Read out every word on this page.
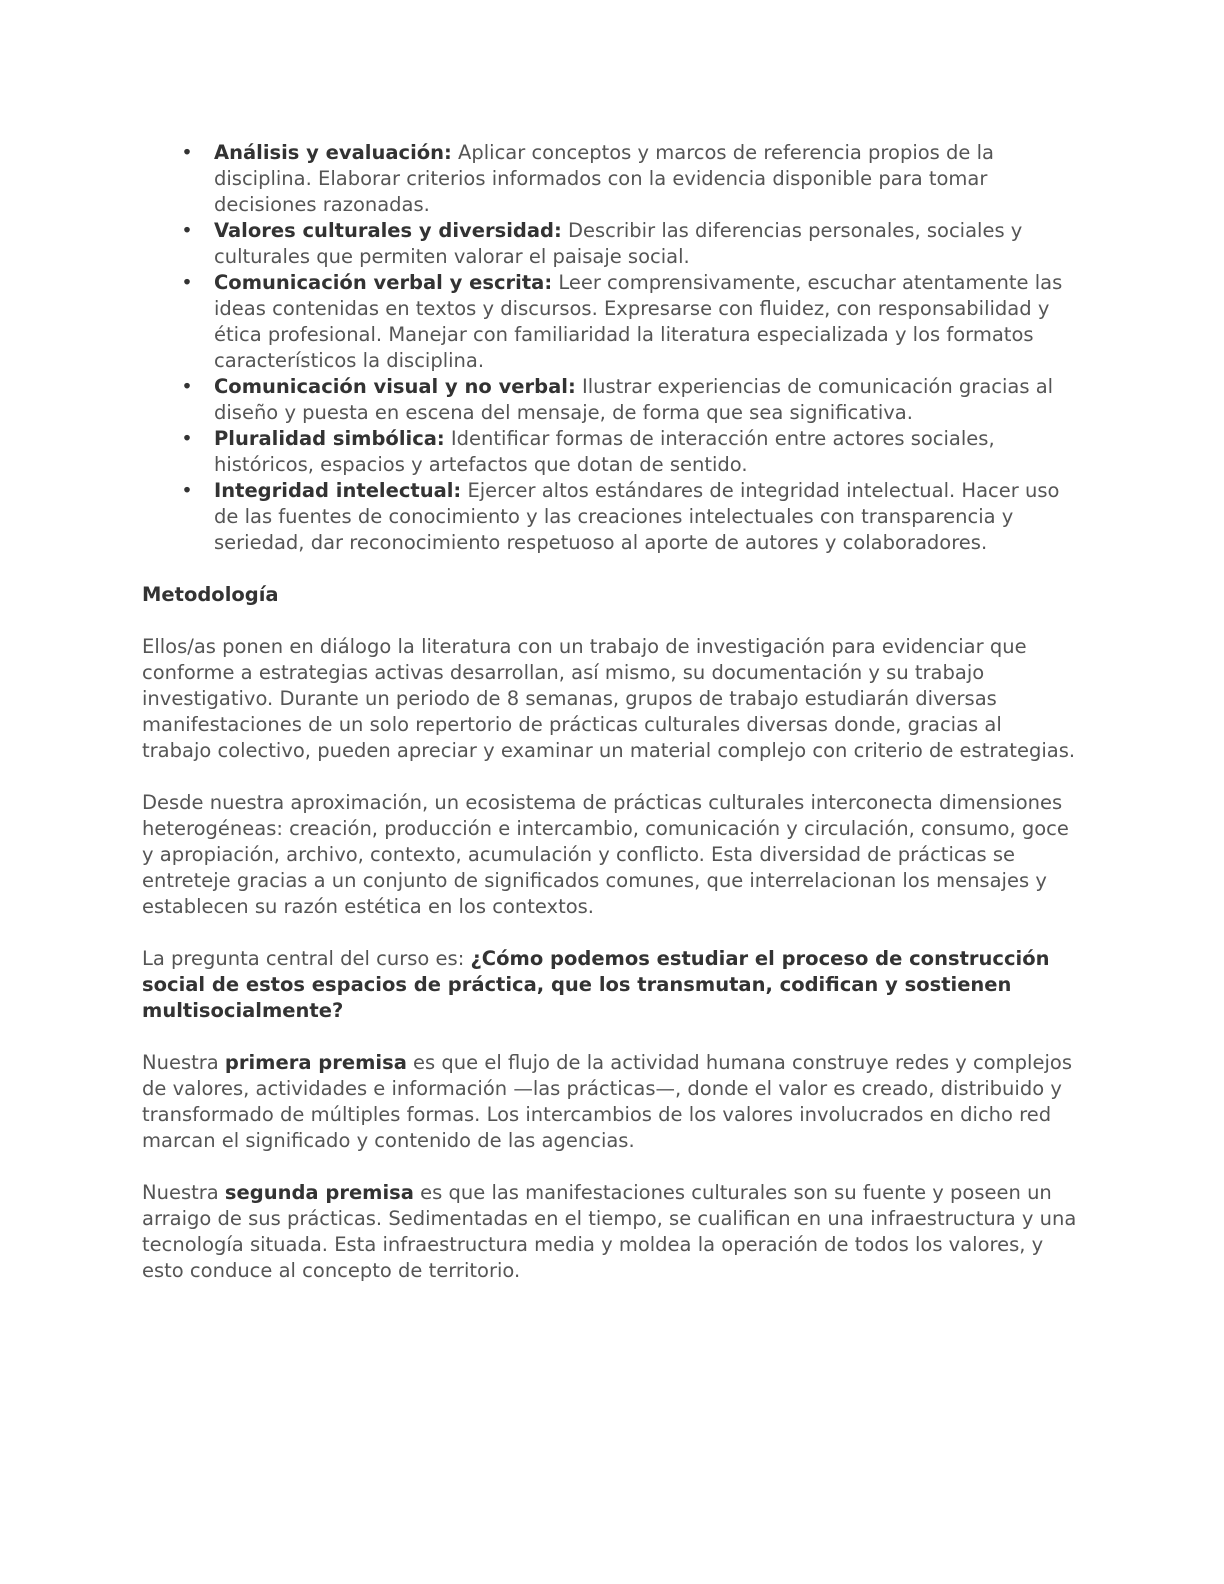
• Análisis y evaluación: Aplicar conceptos y marcos de referencia propios de la disciplina. Elaborar criterios informados con la evidencia disponible para tomar decisiones razonadas.
• Valores culturales y diversidad: Describir las diferencias personales, sociales y culturales que permiten valorar el paisaje social.
• Comunicación verbal y escrita: Leer comprensivamente, escuchar atentamente las ideas contenidas en textos y discursos. Expresarse con fluidez, con responsabilidad y ética profesional. Manejar con familiaridad la literatura especializada y los formatos característicos la disciplina.
• Comunicación visual y no verbal: Ilustrar experiencias de comunicación gracias al diseño y puesta en escena del mensaje, de forma que sea significativa.
• Pluralidad simbólica: Identificar formas de interacción entre actores sociales, históricos, espacios y artefactos que dotan de sentido.
• Integridad intelectual: Ejercer altos estándares de integridad intelectual. Hacer uso de las fuentes de conocimiento y las creaciones intelectuales con transparencia y seriedad, dar reconocimiento respetuoso al aporte de autores y colaboradores.
Metodología

Ellos/as ponen en diálogo la literatura con un trabajo de investigación para evidenciar que conforme a estrategias activas desarrollan, así mismo, su documentación y su trabajo investigativo. Durante un periodo de 8 semanas, grupos de trabajo estudiarán diversas manifestaciones de un solo repertorio de prácticas culturales diversas donde, gracias al trabajo colectivo, pueden apreciar y examinar un material complejo con criterio de estrategias.

Desde nuestra aproximación, un ecosistema de prácticas culturales interconecta dimensiones heterogéneas: creación, producción e intercambio, comunicación y circulación, consumo, goce y apropiación, archivo, contexto, acumulación y conflicto. Esta diversidad de prácticas se entreteje gracias a un conjunto de significados comunes, que interrelacionan los mensajes y establecen su razón estética en los contextos.

La pregunta central del curso es: ¿Cómo podemos estudiar el proceso de construcción social de estos espacios de práctica, que los transmutan, codifican y sostienen multisocialmente?

Nuestra primera premisa es que el flujo de la actividad humana construye redes y complejos de valores, actividades e información —las prácticas—, donde el valor es creado, distribuido y transformado de múltiples formas. Los intercambios de los valores involucrados en dicho red marcan el significado y contenido de las agencias.

Nuestra segunda premisa es que las manifestaciones culturales son su fuente y poseen un arraigo de sus prácticas. Sedimentadas en el tiempo, se cualifican en una infraestructura y una tecnología situada. Esta infraestructura media y moldea la operación de todos los valores, y esto conduce al concepto de territorio.
